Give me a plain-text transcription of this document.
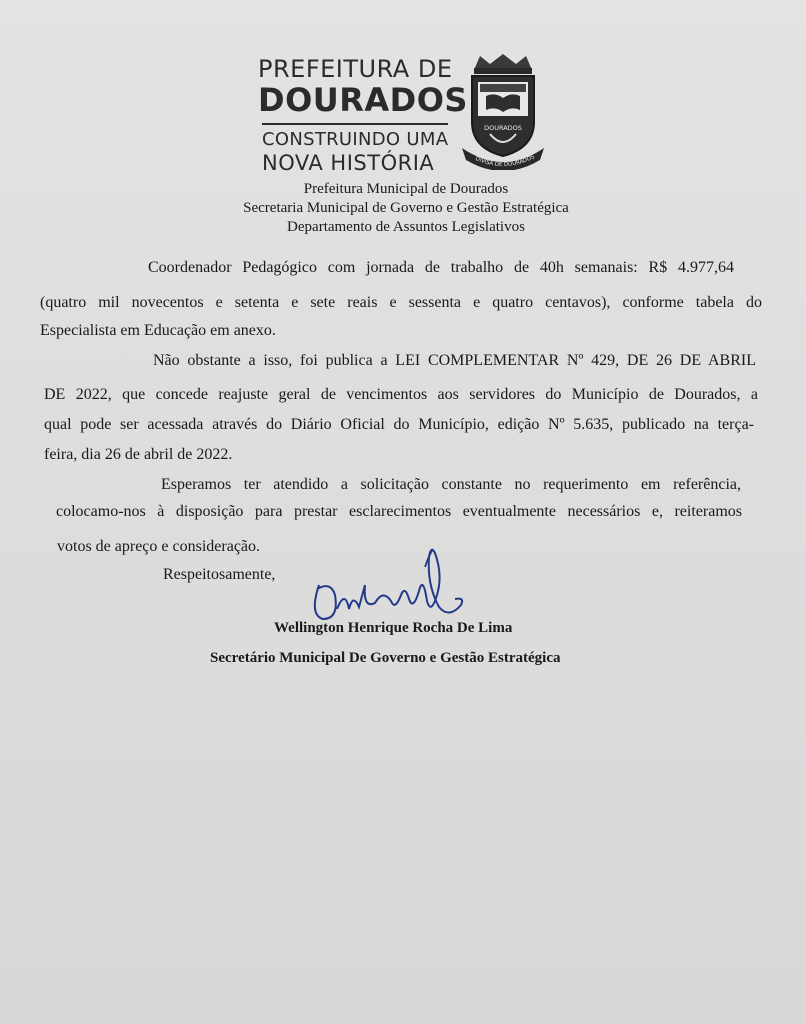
PREFEITURA DE
DOURADOS
CONSTRUINDO UMA
NOVA HISTÓRIA
DOURADOS
DIVISA DE DOURADOS
Prefeitura Municipal de Dourados
Secretaria Municipal de Governo e Gestão Estratégica
Departamento de Assuntos Legislativos
Coordenador Pedagógico com jornada de trabalho de 40h semanais: R$ 4.977,64
(quatro mil novecentos e setenta e sete reais e sessenta e quatro centavos), conforme tabela do
Especialista em Educação em anexo.
Não obstante a isso, foi publica a LEI COMPLEMENTAR Nº 429, DE 26 DE ABRIL
DE 2022, que concede reajuste geral de vencimentos aos servidores do Município de Dourados, a
qual pode ser acessada através do Diário Oficial do Município, edição Nº 5.635, publicado na terça-
feira, dia 26 de abril de 2022.
Esperamos ter atendido a solicitação constante no requerimento em referência,
colocamo-nos à disposição para prestar esclarecimentos eventualmente necessários e, reiteramos
votos de apreço e consideração.
Respeitosamente,
Wellington Henrique Rocha De Lima
Secretário Municipal De Governo e Gestão Estratégica
